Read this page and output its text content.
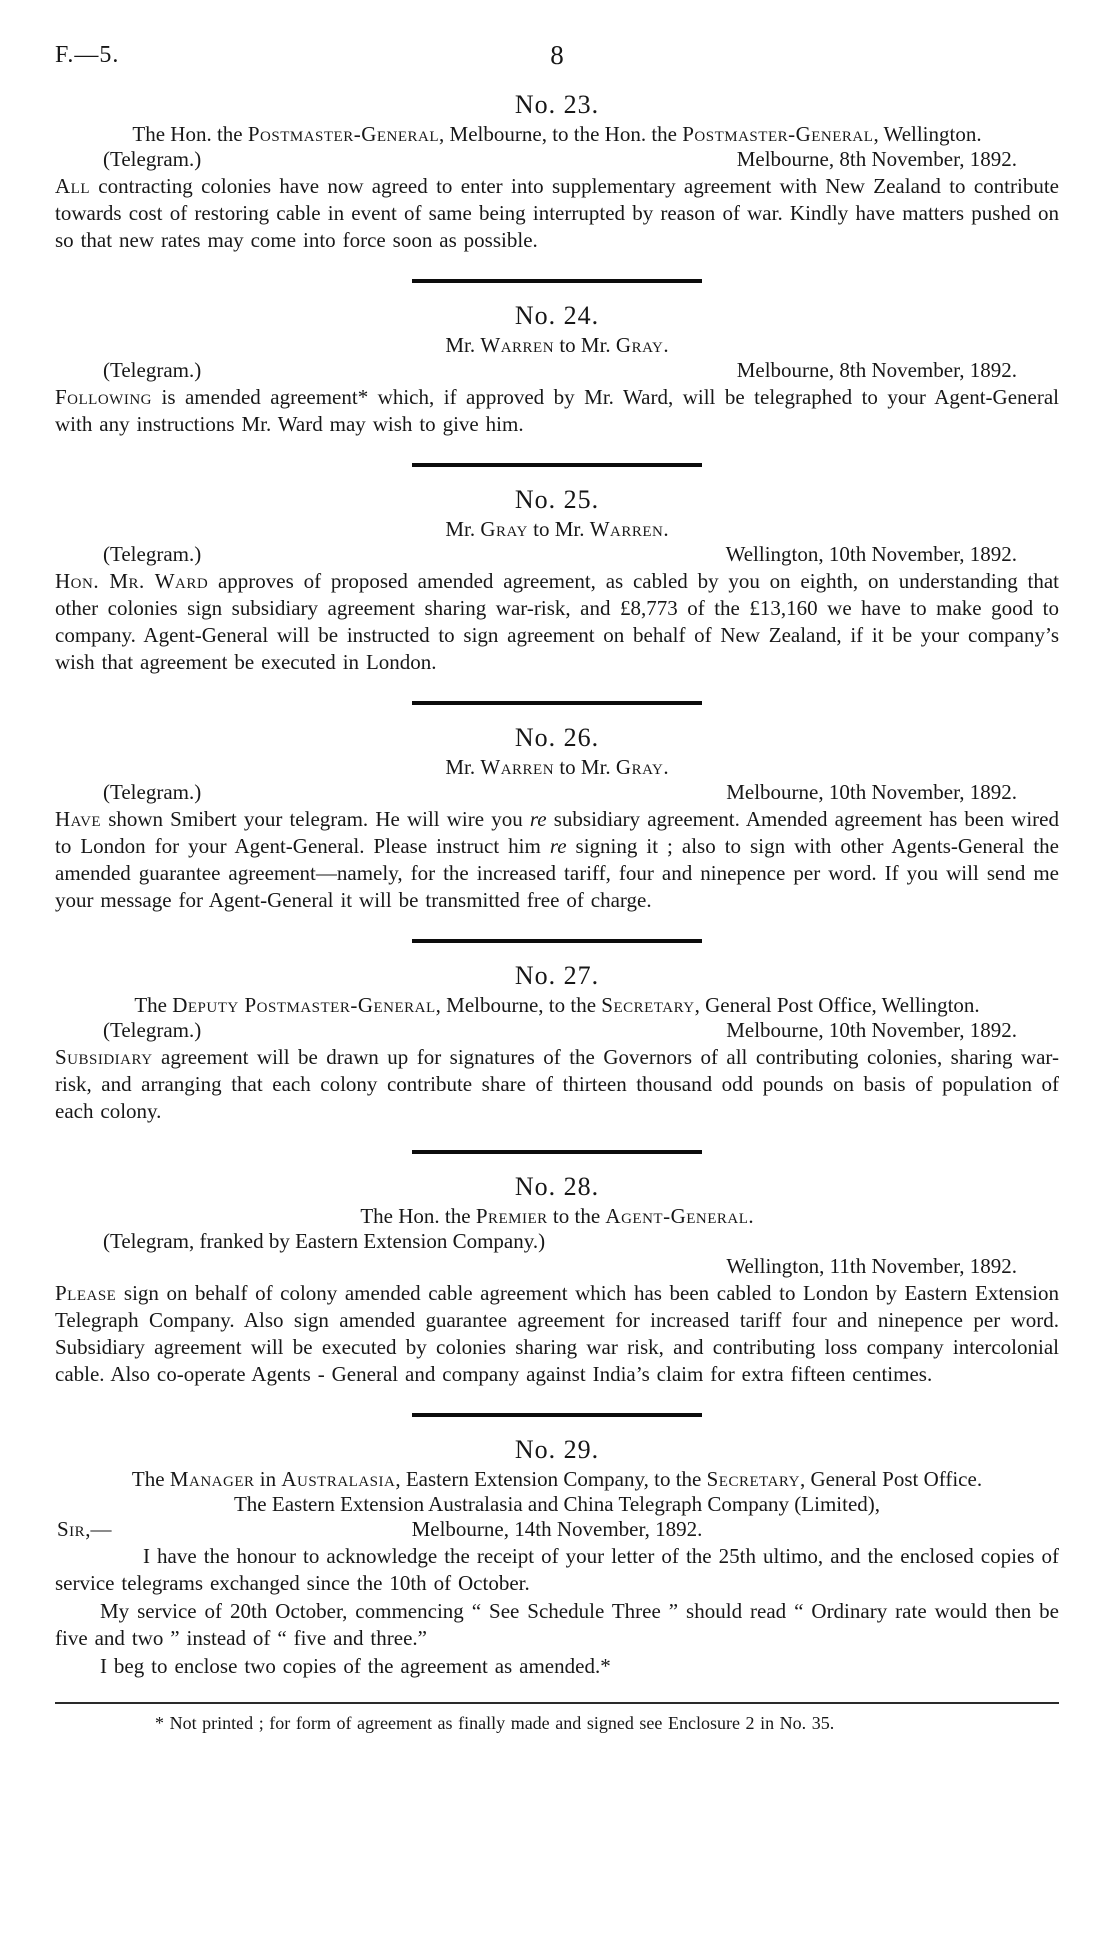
F.—5.	8
No. 23.

The Hon. the Postmaster-General, Melbourne, to the Hon. the Postmaster-General, Wellington.

(Telegram.)	Melbourne, 8th November, 1892.

All contracting colonies have now agreed to enter into supplementary agreement with New Zealand to contribute towards cost of restoring cable in event of same being interrupted by reason of war. Kindly have matters pushed on so that new rates may come into force soon as possible.

No. 24.

Mr. Warren to Mr. Gray.

(Telegram.)	Melbourne, 8th November, 1892.

Following is amended agreement* which, if approved by Mr. Ward, will be telegraphed to your Agent-General with any instructions Mr. Ward may wish to give him.

No. 25.

Mr. Gray to Mr. Warren.

(Telegram.)	Wellington, 10th November, 1892.

Hon. Mr. Ward approves of proposed amended agreement, as cabled by you on eighth, on understanding that other colonies sign subsidiary agreement sharing war-risk, and £8,773 of the £13,160 we have to make good to company. Agent-General will be instructed to sign agreement on behalf of New Zealand, if it be your company’s wish that agreement be executed in London.

No. 26.

Mr. Warren to Mr. Gray.

(Telegram.)	Melbourne, 10th November, 1892.

Have shown Smibert your telegram. He will wire you re subsidiary agreement. Amended agreement has been wired to London for your Agent-General. Please instruct him re signing it ; also to sign with other Agents-General the amended guarantee agreement—namely, for the increased tariff, four and ninepence per word. If you will send me your message for Agent-General it will be transmitted free of charge.

No. 27.

The Deputy Postmaster-General, Melbourne, to the Secretary, General Post Office, Wellington.

(Telegram.)	Melbourne, 10th November, 1892.

Subsidiary agreement will be drawn up for signatures of the Governors of all contributing colonies, sharing war-risk, and arranging that each colony contribute share of thirteen thousand odd pounds on basis of population of each colony.

No. 28.

The Hon. the Premier to the Agent-General.

(Telegram, franked by Eastern Extension Company.)
Wellington, 11th November, 1892.

Please sign on behalf of colony amended cable agreement which has been cabled to London by Eastern Extension Telegraph Company. Also sign amended guarantee agreement for increased tariff four and ninepence per word. Subsidiary agreement will be executed by colonies sharing war risk, and contributing loss company intercolonial cable. Also co-operate Agents - General and company against India’s claim for extra fifteen centimes.

No. 29.

The Manager in Australasia, Eastern Extension Company, to the Secretary, General Post Office.

The Eastern Extension Australasia and China Telegraph Company (Limited),
Sir,—	Melbourne, 14th November, 1892.

I have the honour to acknowledge the receipt of your letter of the 25th ultimo, and the enclosed copies of service telegrams exchanged since the 10th of October.

My service of 20th October, commencing “ See Schedule Three ” should read “ Ordinary rate would then be five and two ” instead of “ five and three.”

I beg to enclose two copies of the agreement as amended.*

* Not printed ; for form of agreement as finally made and signed see Enclosure 2 in No. 35.
